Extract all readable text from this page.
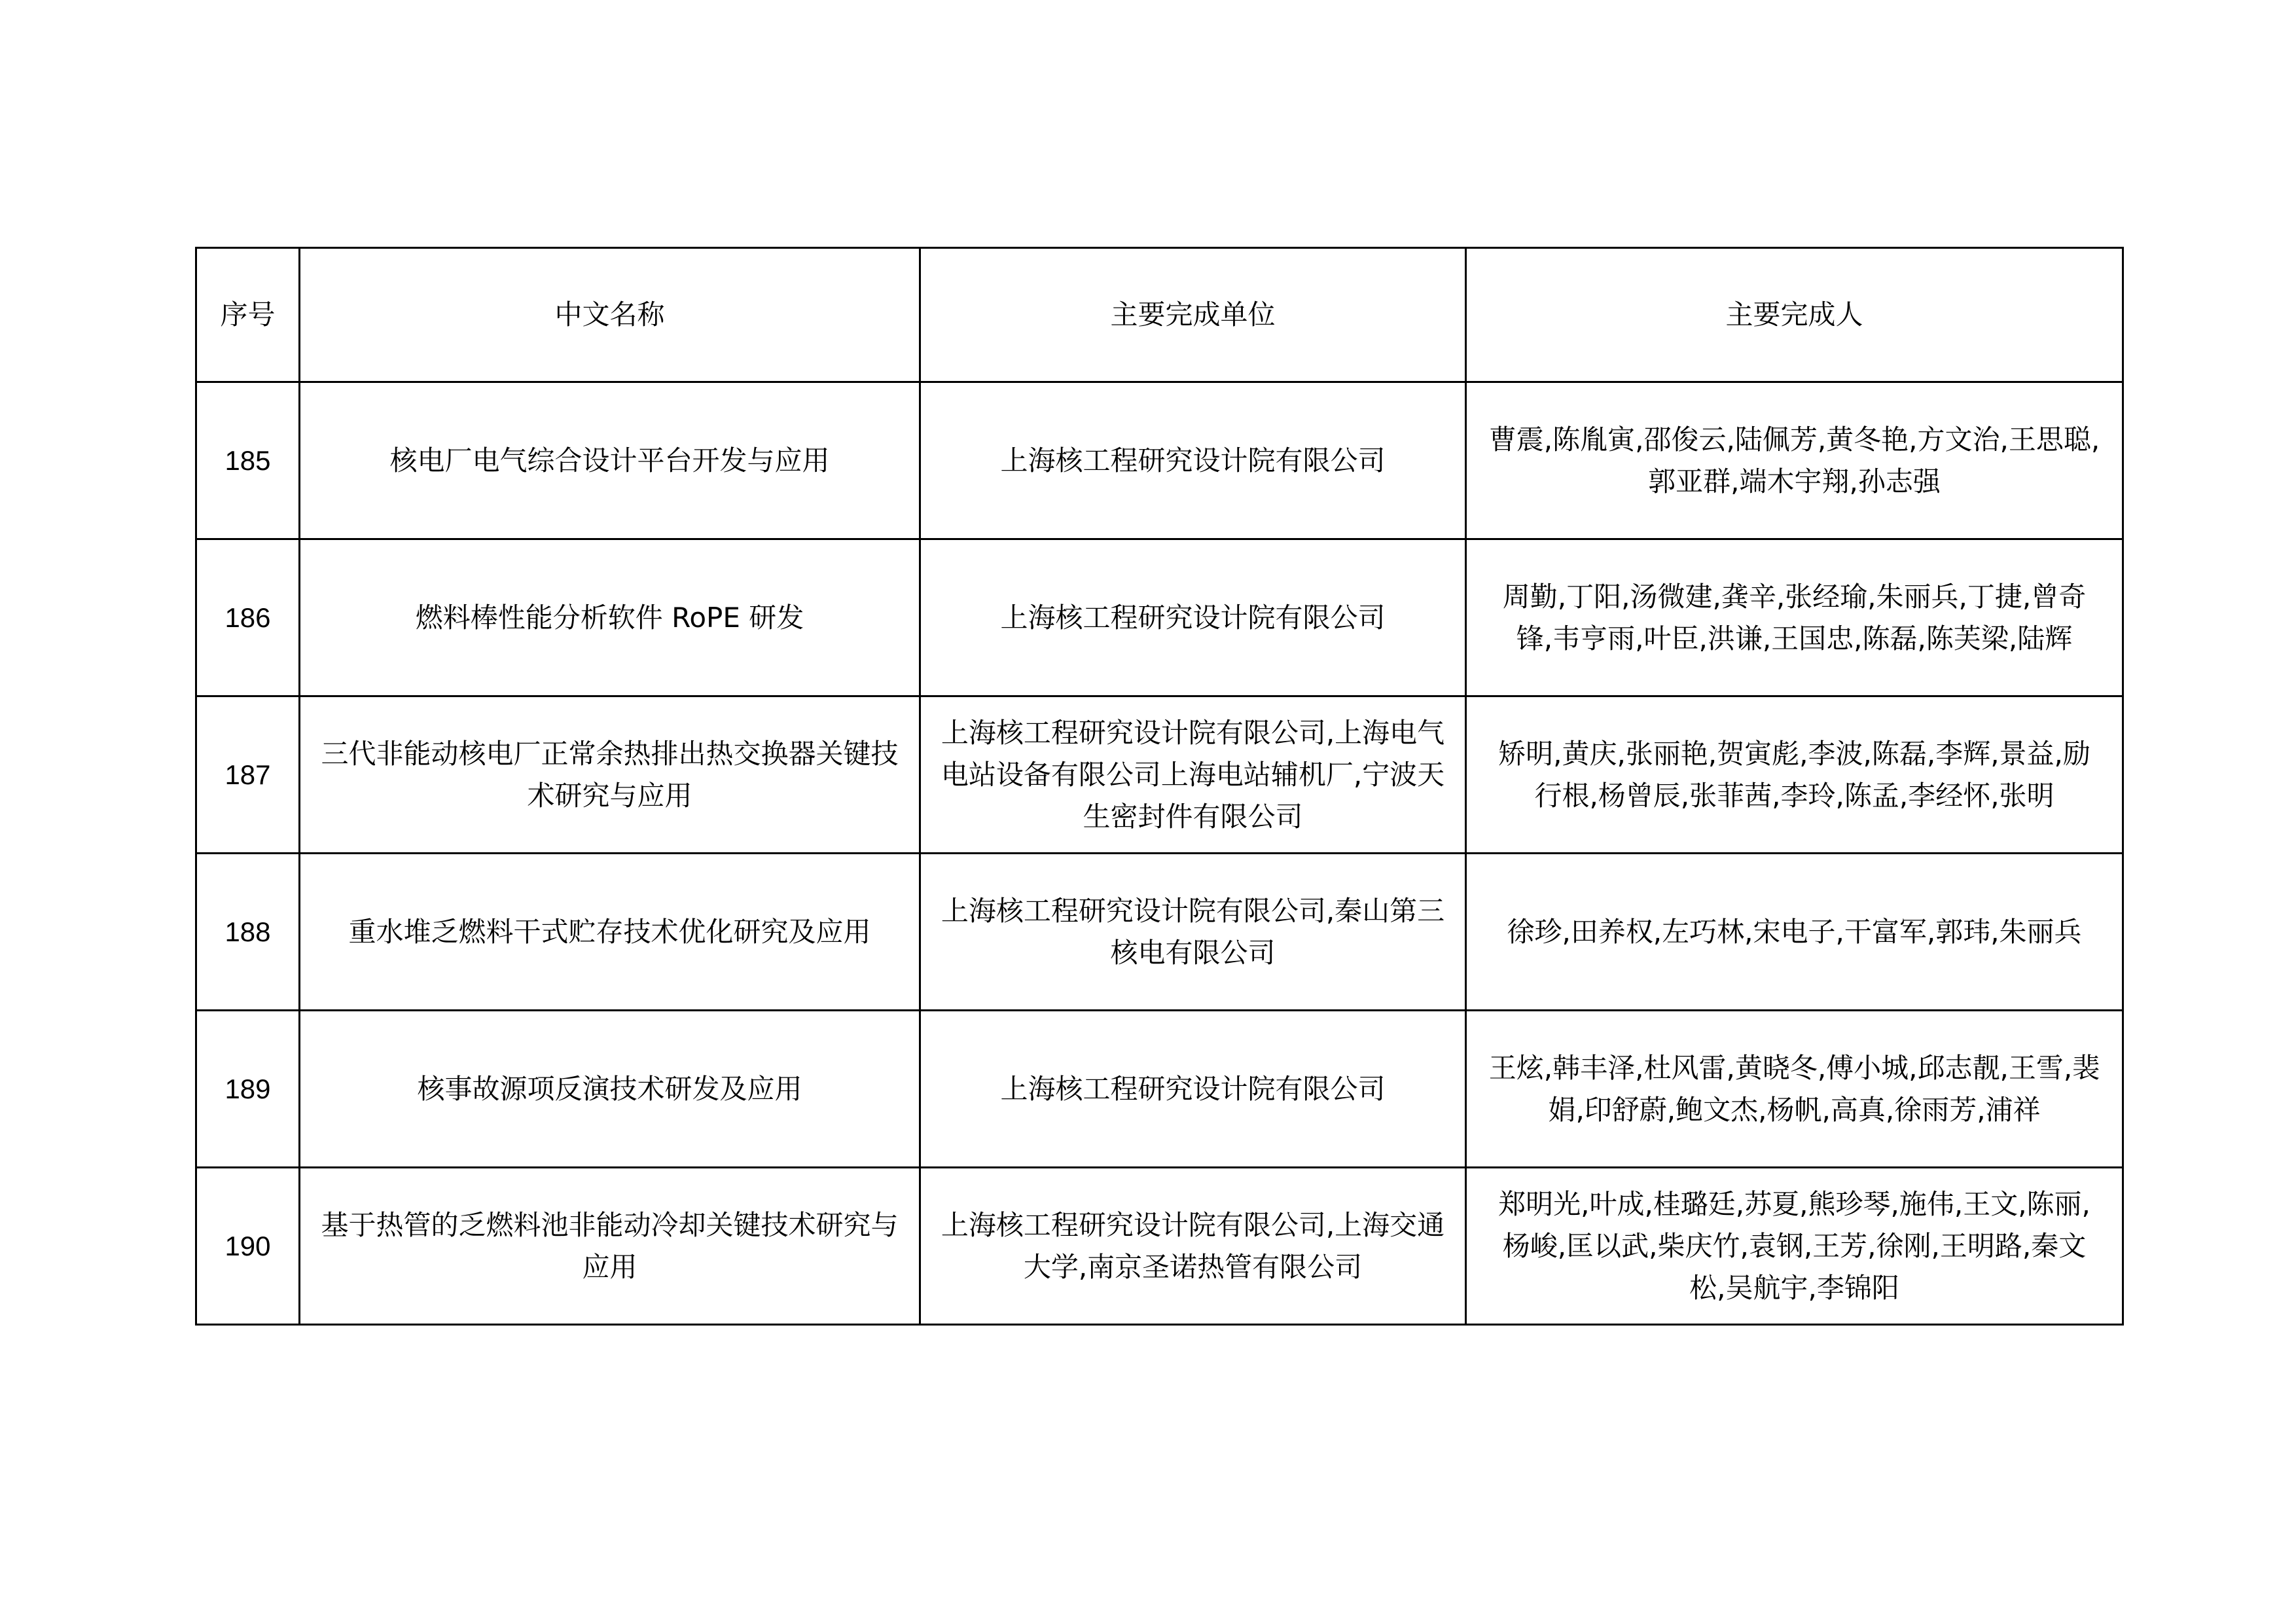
序号	中文名称	主要完成单位	主要完成人
185	核电厂电气综合设计平台开发与应用	上海核工程研究设计院有限公司	曹震,陈胤寅,邵俊云,陆佩芳,黄冬艳,方文治,王思聪,郭亚群,端木宇翔,孙志强
186	燃料棒性能分析软件 RoPE 研发	上海核工程研究设计院有限公司	周勤,丁阳,汤微建,龚辛,张经瑜,朱丽兵,丁捷,曾奇锋,韦亨雨,叶臣,洪谦,王国忠,陈磊,陈芙梁,陆辉
187	三代非能动核电厂正常余热排出热交换器关键技术研究与应用	上海核工程研究设计院有限公司,上海电气电站设备有限公司上海电站辅机厂,宁波天生密封件有限公司	矫明,黄庆,张丽艳,贺寅彪,李波,陈磊,李辉,景益,励行根,杨曾辰,张菲茜,李玲,陈孟,李经怀,张明
188	重水堆乏燃料干式贮存技术优化研究及应用	上海核工程研究设计院有限公司,秦山第三核电有限公司	徐珍,田养权,左巧林,宋电子,干富军,郭玮,朱丽兵
189	核事故源项反演技术研发及应用	上海核工程研究设计院有限公司	王炫,韩丰泽,杜风雷,黄晓冬,傅小城,邱志靓,王雪,裴娟,印舒蔚,鲍文杰,杨帆,高真,徐雨芳,浦祥
190	基于热管的乏燃料池非能动冷却关键技术研究与应用	上海核工程研究设计院有限公司,上海交通大学,南京圣诺热管有限公司	郑明光,叶成,桂璐廷,苏夏,熊珍琴,施伟,王文,陈丽,杨峻,匡以武,柴庆竹,袁钢,王芳,徐刚,王明路,秦文松,吴航宇,李锦阳
